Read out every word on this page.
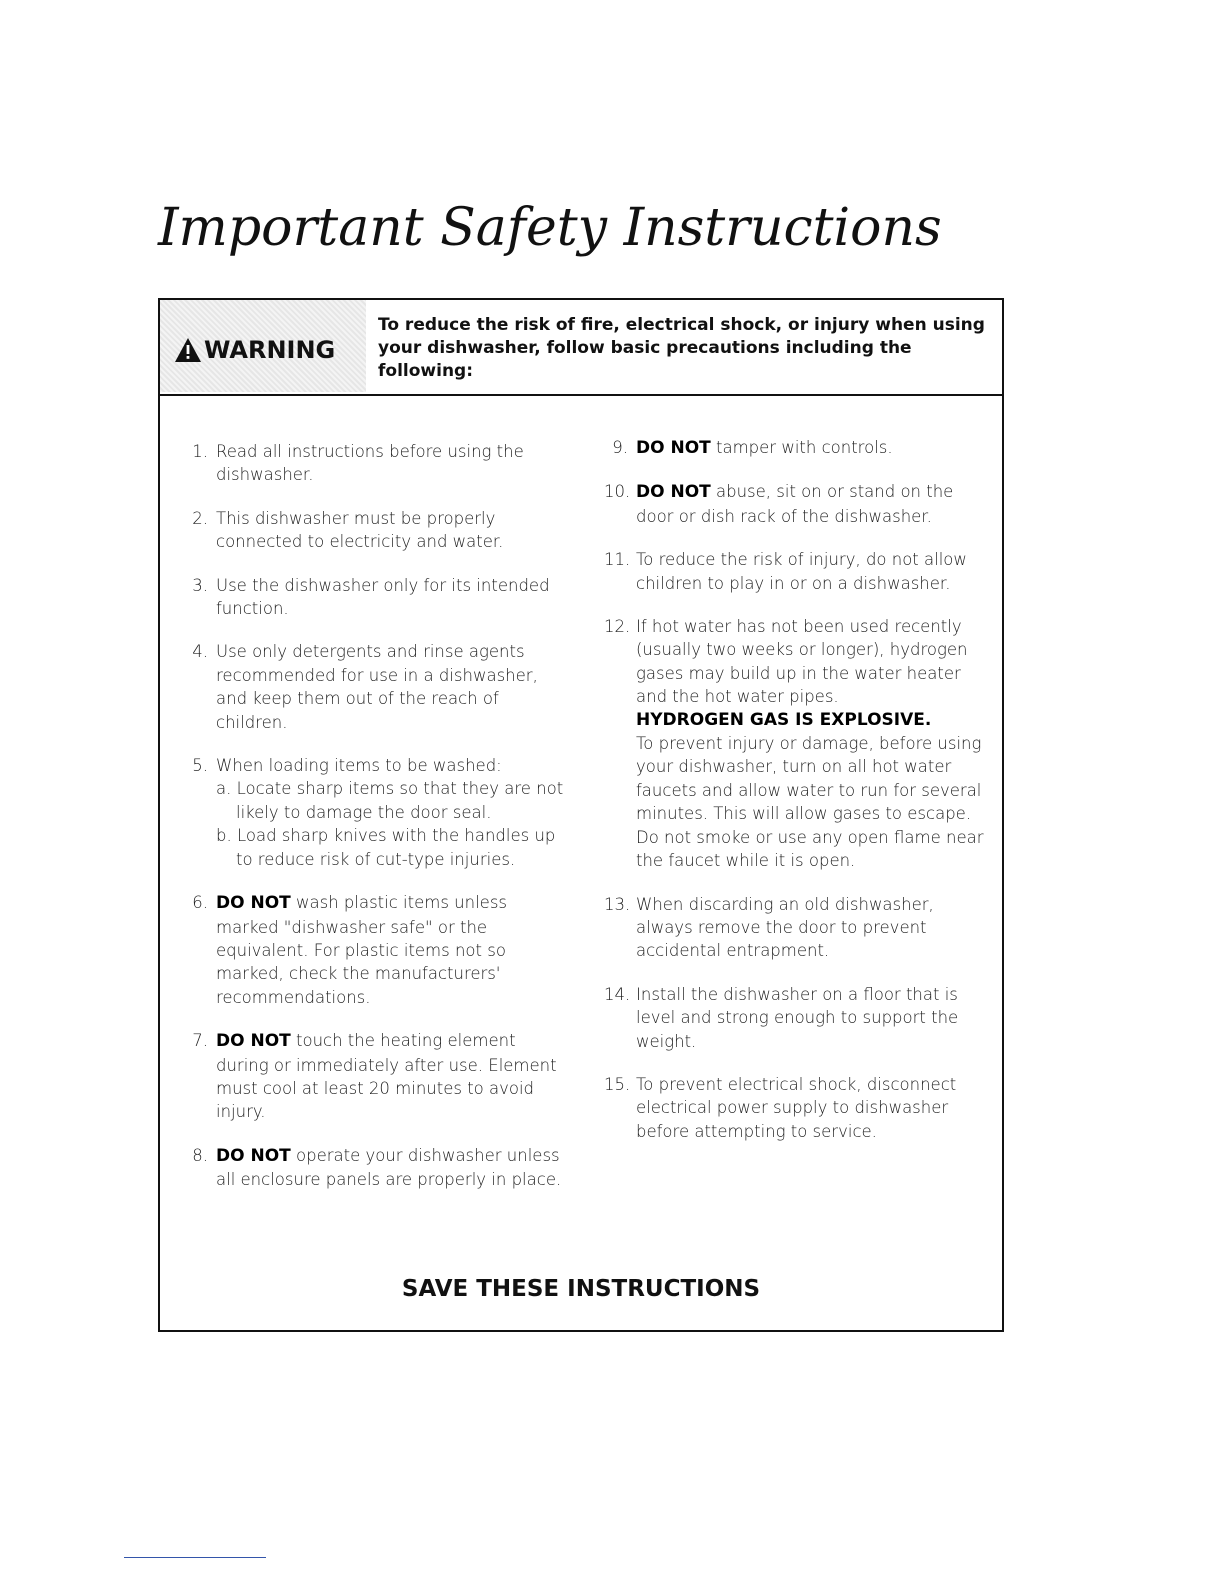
Important Safety Instructions
WARNING

To reduce the risk of fire, electrical shock, or injury when using your dishwasher, follow basic precautions including the following:

1. Read all instructions before using the dishwasher.
2. This dishwasher must be properly connected to electricity and water.
3. Use the dishwasher only for its intended function.
4. Use only detergents and rinse agents recommended for use in a dishwasher, and keep them out of the reach of children.
5. When loading items to be washed:
a. Locate sharp items so that they are not likely to damage the door seal.
b. Load sharp knives with the handles up to reduce risk of cut-type injuries.
6. DO NOT wash plastic items unless marked "dishwasher safe" or the equivalent. For plastic items not so marked, check the manufacturers' recommendations.
7. DO NOT touch the heating element during or immediately after use. Element must cool at least 20 minutes to avoid injury.
8. DO NOT operate your dishwasher unless all enclosure panels are properly in place.
9. DO NOT tamper with controls.
10. DO NOT abuse, sit on or stand on the door or dish rack of the dishwasher.
11. To reduce the risk of injury, do not allow children to play in or on a dishwasher.
12. If hot water has not been used recently (usually two weeks or longer), hydrogen gases may build up in the water heater and the hot water pipes.
HYDROGEN GAS IS EXPLOSIVE.
To prevent injury or damage, before using your dishwasher, turn on all hot water faucets and allow water to run for several minutes. This will allow gases to escape. Do not smoke or use any open flame near the faucet while it is open.
13. When discarding an old dishwasher, always remove the door to prevent accidental entrapment.
14. Install the dishwasher on a floor that is level and strong enough to support the weight.
15. To prevent electrical shock, disconnect electrical power supply to dishwasher before attempting to service.
SAVE THESE INSTRUCTIONS
